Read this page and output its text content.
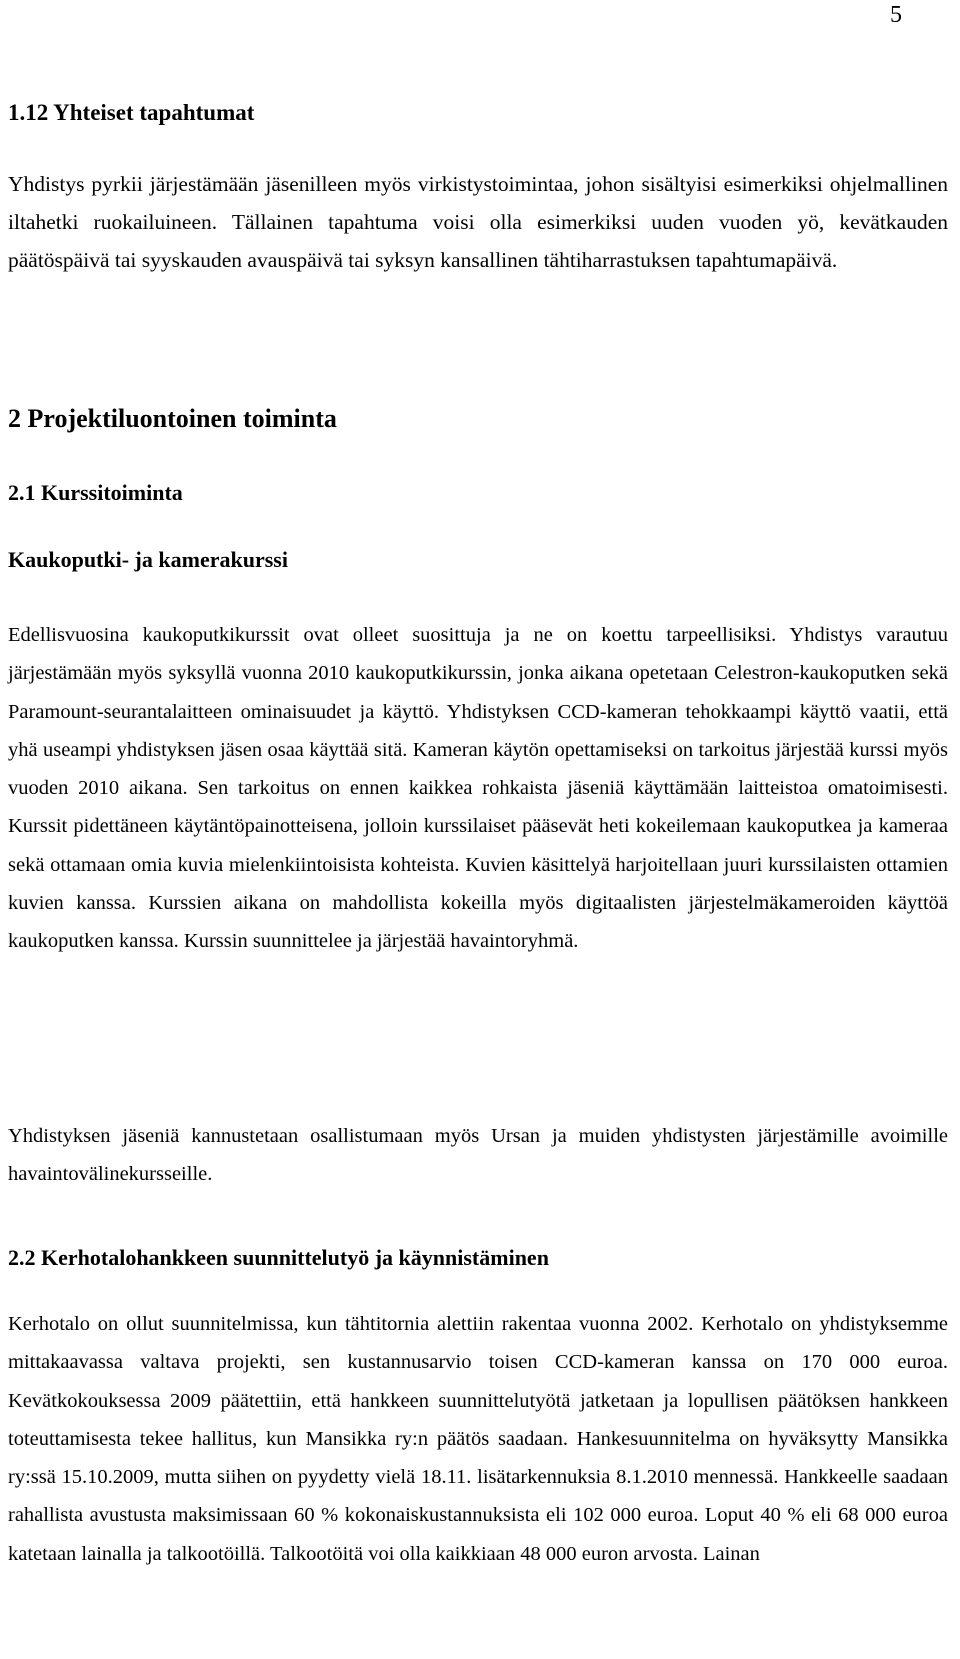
5
1.12 Yhteiset tapahtumat

Yhdistys pyrkii järjestämään jäsenilleen myös virkistystoimintaa, johon sisältyisi esimerkiksi ohjelmallinen iltahetki ruokailuineen. Tällainen tapahtuma voisi olla esimerkiksi uuden vuoden yö, kevätkauden päätöspäivä tai syyskauden avauspäivä tai syksyn kansallinen tähtiharrastuksen tapahtumapäivä.

2 Projektiluontoinen toiminta
2.1 Kurssitoiminta
Kaukoputki- ja kamerakurssi

Edellisvuosina kaukoputkikurssit ovat olleet suosittuja ja ne on koettu tarpeellisiksi. Yhdistys varautuu järjestämään myös syksyllä vuonna 2010 kaukoputkikurssin, jonka aikana opetetaan Celestron-kaukoputken sekä Paramount-seurantalaitteen ominaisuudet ja käyttö. Yhdistyksen CCD-kameran tehokkaampi käyttö vaatii, että yhä useampi yhdistyksen jäsen osaa käyttää sitä. Kameran käytön opettamiseksi on tarkoitus järjestää kurssi myös vuoden 2010 aikana. Sen tarkoitus on ennen kaikkea rohkaista jäseniä käyttämään laitteistoa omatoimisesti. Kurssit pidettäneen käytäntöpainotteisena, jolloin kurssilaiset pääsevät heti kokeilemaan kaukoputkea ja kameraa sekä ottamaan omia kuvia mielenkiintoisista kohteista. Kuvien käsittelyä harjoitellaan juuri kurssilaisten ottamien kuvien kanssa. Kurssien aikana on mahdollista kokeilla myös digitaalisten järjestelmäkameroiden käyttöä kaukoputken kanssa. Kurssin suunnittelee ja järjestää havaintoryhmä.

Yhdistyksen jäseniä kannustetaan osallistumaan myös Ursan ja muiden yhdistysten järjestämille avoimille havaintovälinekursseille.

2.2 Kerhotalohankkeen suunnittelutyö ja käynnistäminen

Kerhotalo on ollut suunnitelmissa, kun tähtitornia alettiin rakentaa vuonna 2002. Kerhotalo on yhdistyksemme mittakaavassa valtava projekti, sen kustannusarvio toisen CCD-kameran kanssa on 170 000 euroa. Kevätkokouksessa 2009 päätettiin, että hankkeen suunnittelutyötä jatketaan ja lopullisen päätöksen hankkeen toteuttamisesta tekee hallitus, kun Mansikka ry:n päätös saadaan. Hankesuunnitelma on hyväksytty Mansikka ry:ssä 15.10.2009, mutta siihen on pyydetty vielä 18.11. lisätarkennuksia 8.1.2010 mennessä. Hankkeelle saadaan rahallista avustusta maksimissaan 60 % kokonaiskustannuksista eli 102 000 euroa. Loput 40 % eli 68 000 euroa katetaan lainalla ja talkootöillä. Talkootöitä voi olla kaikkiaan 48 000 euron arvosta. Lainan
